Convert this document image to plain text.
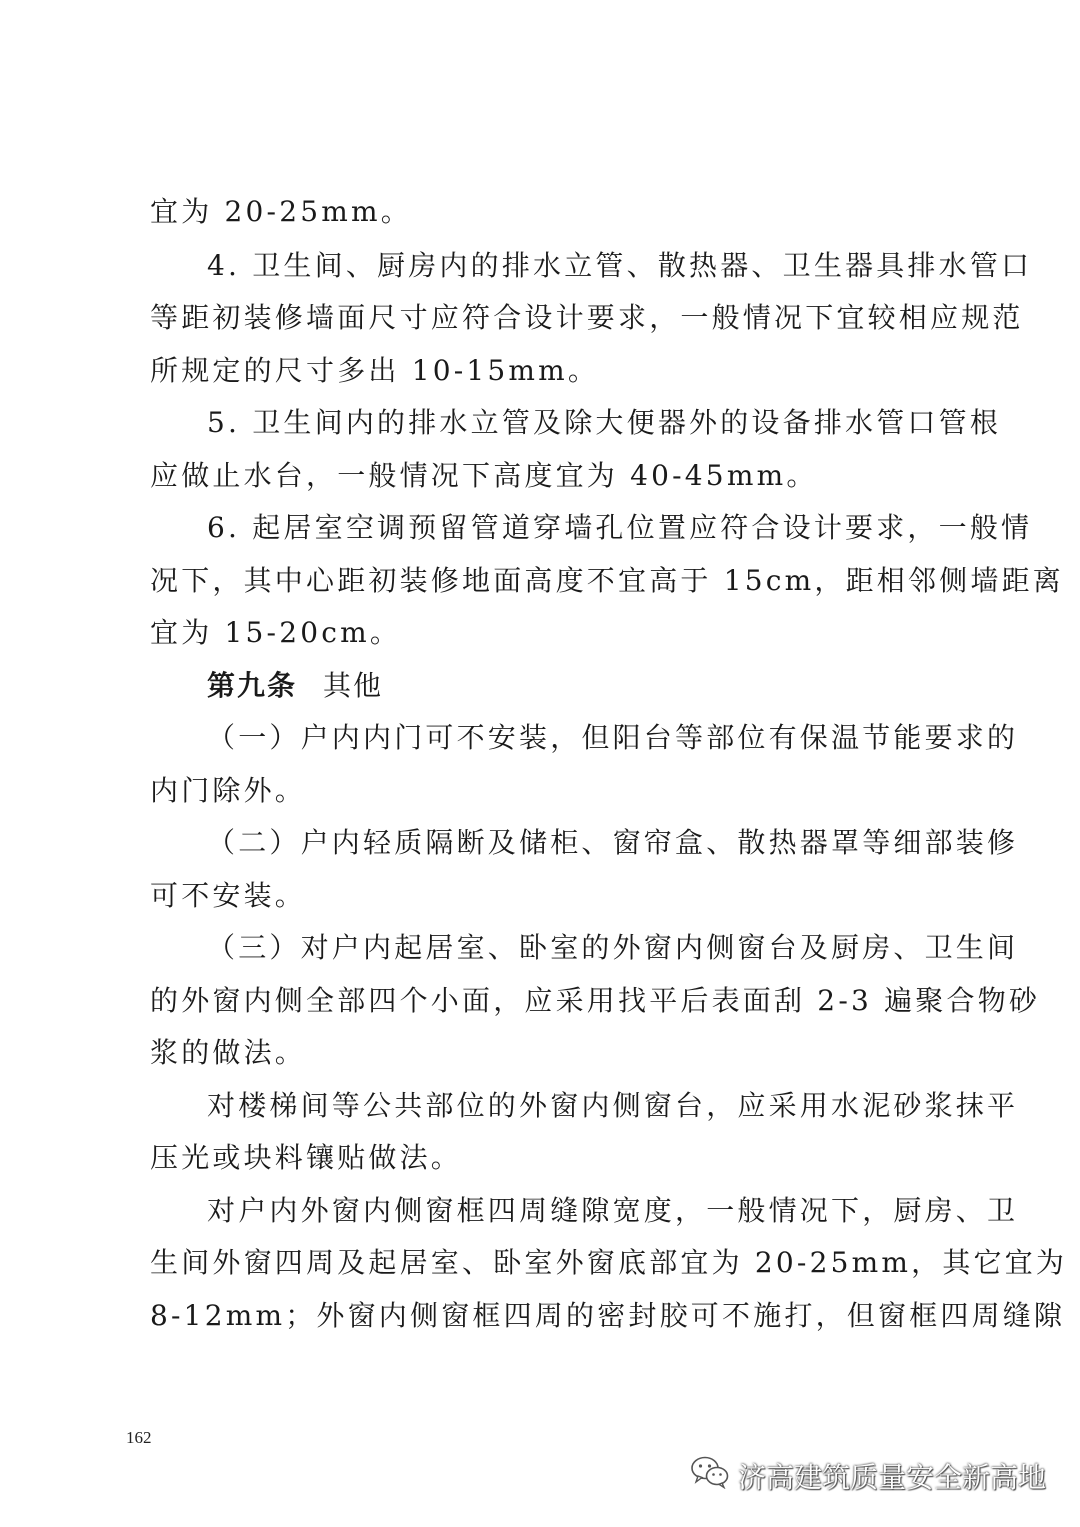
宜为 20-25mm。
4. 卫生间、厨房内的排水立管、散热器、卫生器具排水管口
等距初装修墙面尺寸应符合设计要求，一般情况下宜较相应规范
所规定的尺寸多出 10-15mm。
5. 卫生间内的排水立管及除大便器外的设备排水管口管根
应做止水台，一般情况下高度宜为 40-45mm。
6. 起居室空调预留管道穿墙孔位置应符合设计要求，一般情
况下，其中心距初装修地面高度不宜高于 15cm，距相邻侧墙距离
宜为 15-20cm。
第九条 其他
（一）户内内门可不安装，但阳台等部位有保温节能要求的
内门除外。
（二）户内轻质隔断及储柜、窗帘盒、散热器罩等细部装修
可不安装。
（三）对户内起居室、卧室的外窗内侧窗台及厨房、卫生间
的外窗内侧全部四个小面，应采用找平后表面刮 2-3 遍聚合物砂
浆的做法。
对楼梯间等公共部位的外窗内侧窗台，应采用水泥砂浆抹平
压光或块料镶贴做法。
对户内外窗内侧窗框四周缝隙宽度，一般情况下，厨房、卫
生间外窗四周及起居室、卧室外窗底部宜为 20-25mm，其它宜为
8-12mm；外窗内侧窗框四周的密封胶可不施打，但窗框四周缝隙
162
济高建筑质量安全新高地
